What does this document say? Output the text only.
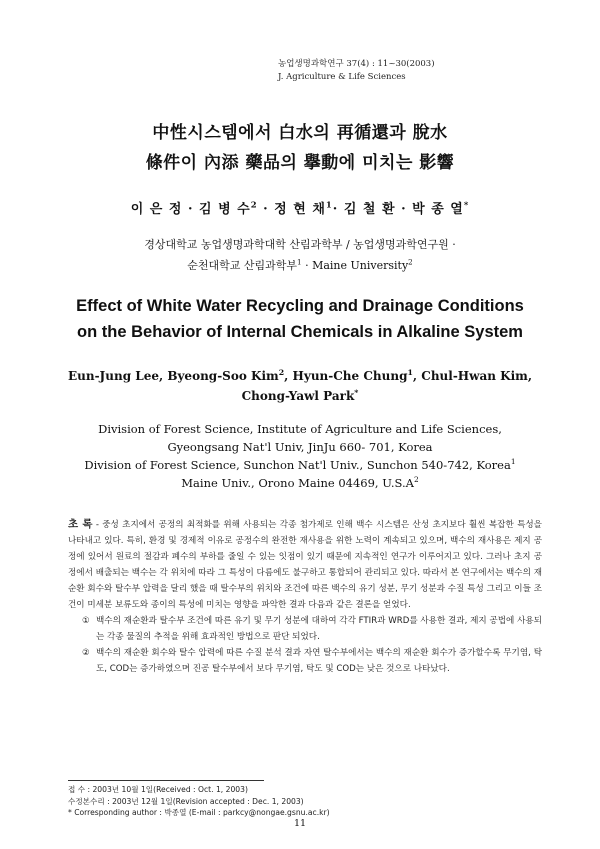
농업생명과학연구 37(4) : 11~30(2003)
J. Agriculture & Life Sciences
中性시스템에서 白水의 再循還과 脫水
條件이 內添 藥品의 擧動에 미치는 影響
이 은 정 · 김 병 수$^2$ · 정 현 채$^1$· 김 철 환 · 박 종 열*
경상대학교 농업생명과학대학 산림과학부 / 농업생명과학연구원 ·
순천대학교 산림과학부$^1$ · Maine University$^2$
Effect of White Water Recycling and Drainage Conditions
on the Behavior of Internal Chemicals in Alkaline System
Eun-Jung Lee, Byeong-Soo Kim$^2$, Hyun-Che Chung$^1$, Chul-Hwan Kim,
Chong-Yawl Park*
Division of Forest Science, Institute of Agriculture and Life Sciences,
Gyeongsang Nat'l Univ, JinJu 660- 701, Korea
Division of Forest Science, Sunchon Nat'l Univ., Sunchon 540-742, Korea$^1$
Maine Univ., Orono Maine 04469, $U.S.A^2$
초 록 - 중성 초지에서 공정의 최적화를 위해 사용되는 각종 첨가제로 인해 백수 시스템은 산성 초지보다 훨씬 복잡한 특성을 나타내고 있다. 특히, 환경 및 경제적 이유로 공정수의 완전한 재사용을 위한 노력이 계속되고 있으며, 백수의 재사용은 제지 공정에 있어서 원료의 절감과 폐수의 부하를 줄일 수 있는 잇점이 있기 때문에 지속적인 연구가 이루어지고 있다. 그러나 초지 공정에서 배출되는 백수는 각 위치에 따라 그 특성이 다름에도 불구하고 통합되어 관리되고 있다. 따라서 본 연구에서는 백수의 재순환 회수와 탈수부 압력을 달리 했을 때 탈수부의 위치와 조건에 따른 백수의 유기 성분, 무기 성분과 수질 특성 그리고 이들 조건이 미세분 보류도와 종이의 특성에 미치는 영향을 파악한 결과 다음과 같은 결론을 얻었다.
① 백수의 재순환과 탈수부 조건에 따른 유기 및 무기 성분에 대하여 각각 FTIR과 WRD를 사용한 결과, 제지 공법에 사용되는 각종 물질의 추적을 위해 효과적인 방법으로 판단 되었다.
② 백수의 재순환 회수와 탈수 압력에 따른 수질 분석 결과 자연 탈수부에서는 백수의 재순환 회수가 증가할수록 무기염, 탁도, COD는 증가하였으며 진공 탈수부에서 보다 무기염, 탁도 및 COD는 낮은 것으로 나타났다.
접 수 : 2003년 10월 1일(Received : Oct. 1, 2003)
수정본수리 : 2003년 12월 1일(Revision accepted : Dec. 1, 2003)
* Corresponding author : 박종열 (E-mail : parkcy@nongae.gsnu.ac.kr)
11
